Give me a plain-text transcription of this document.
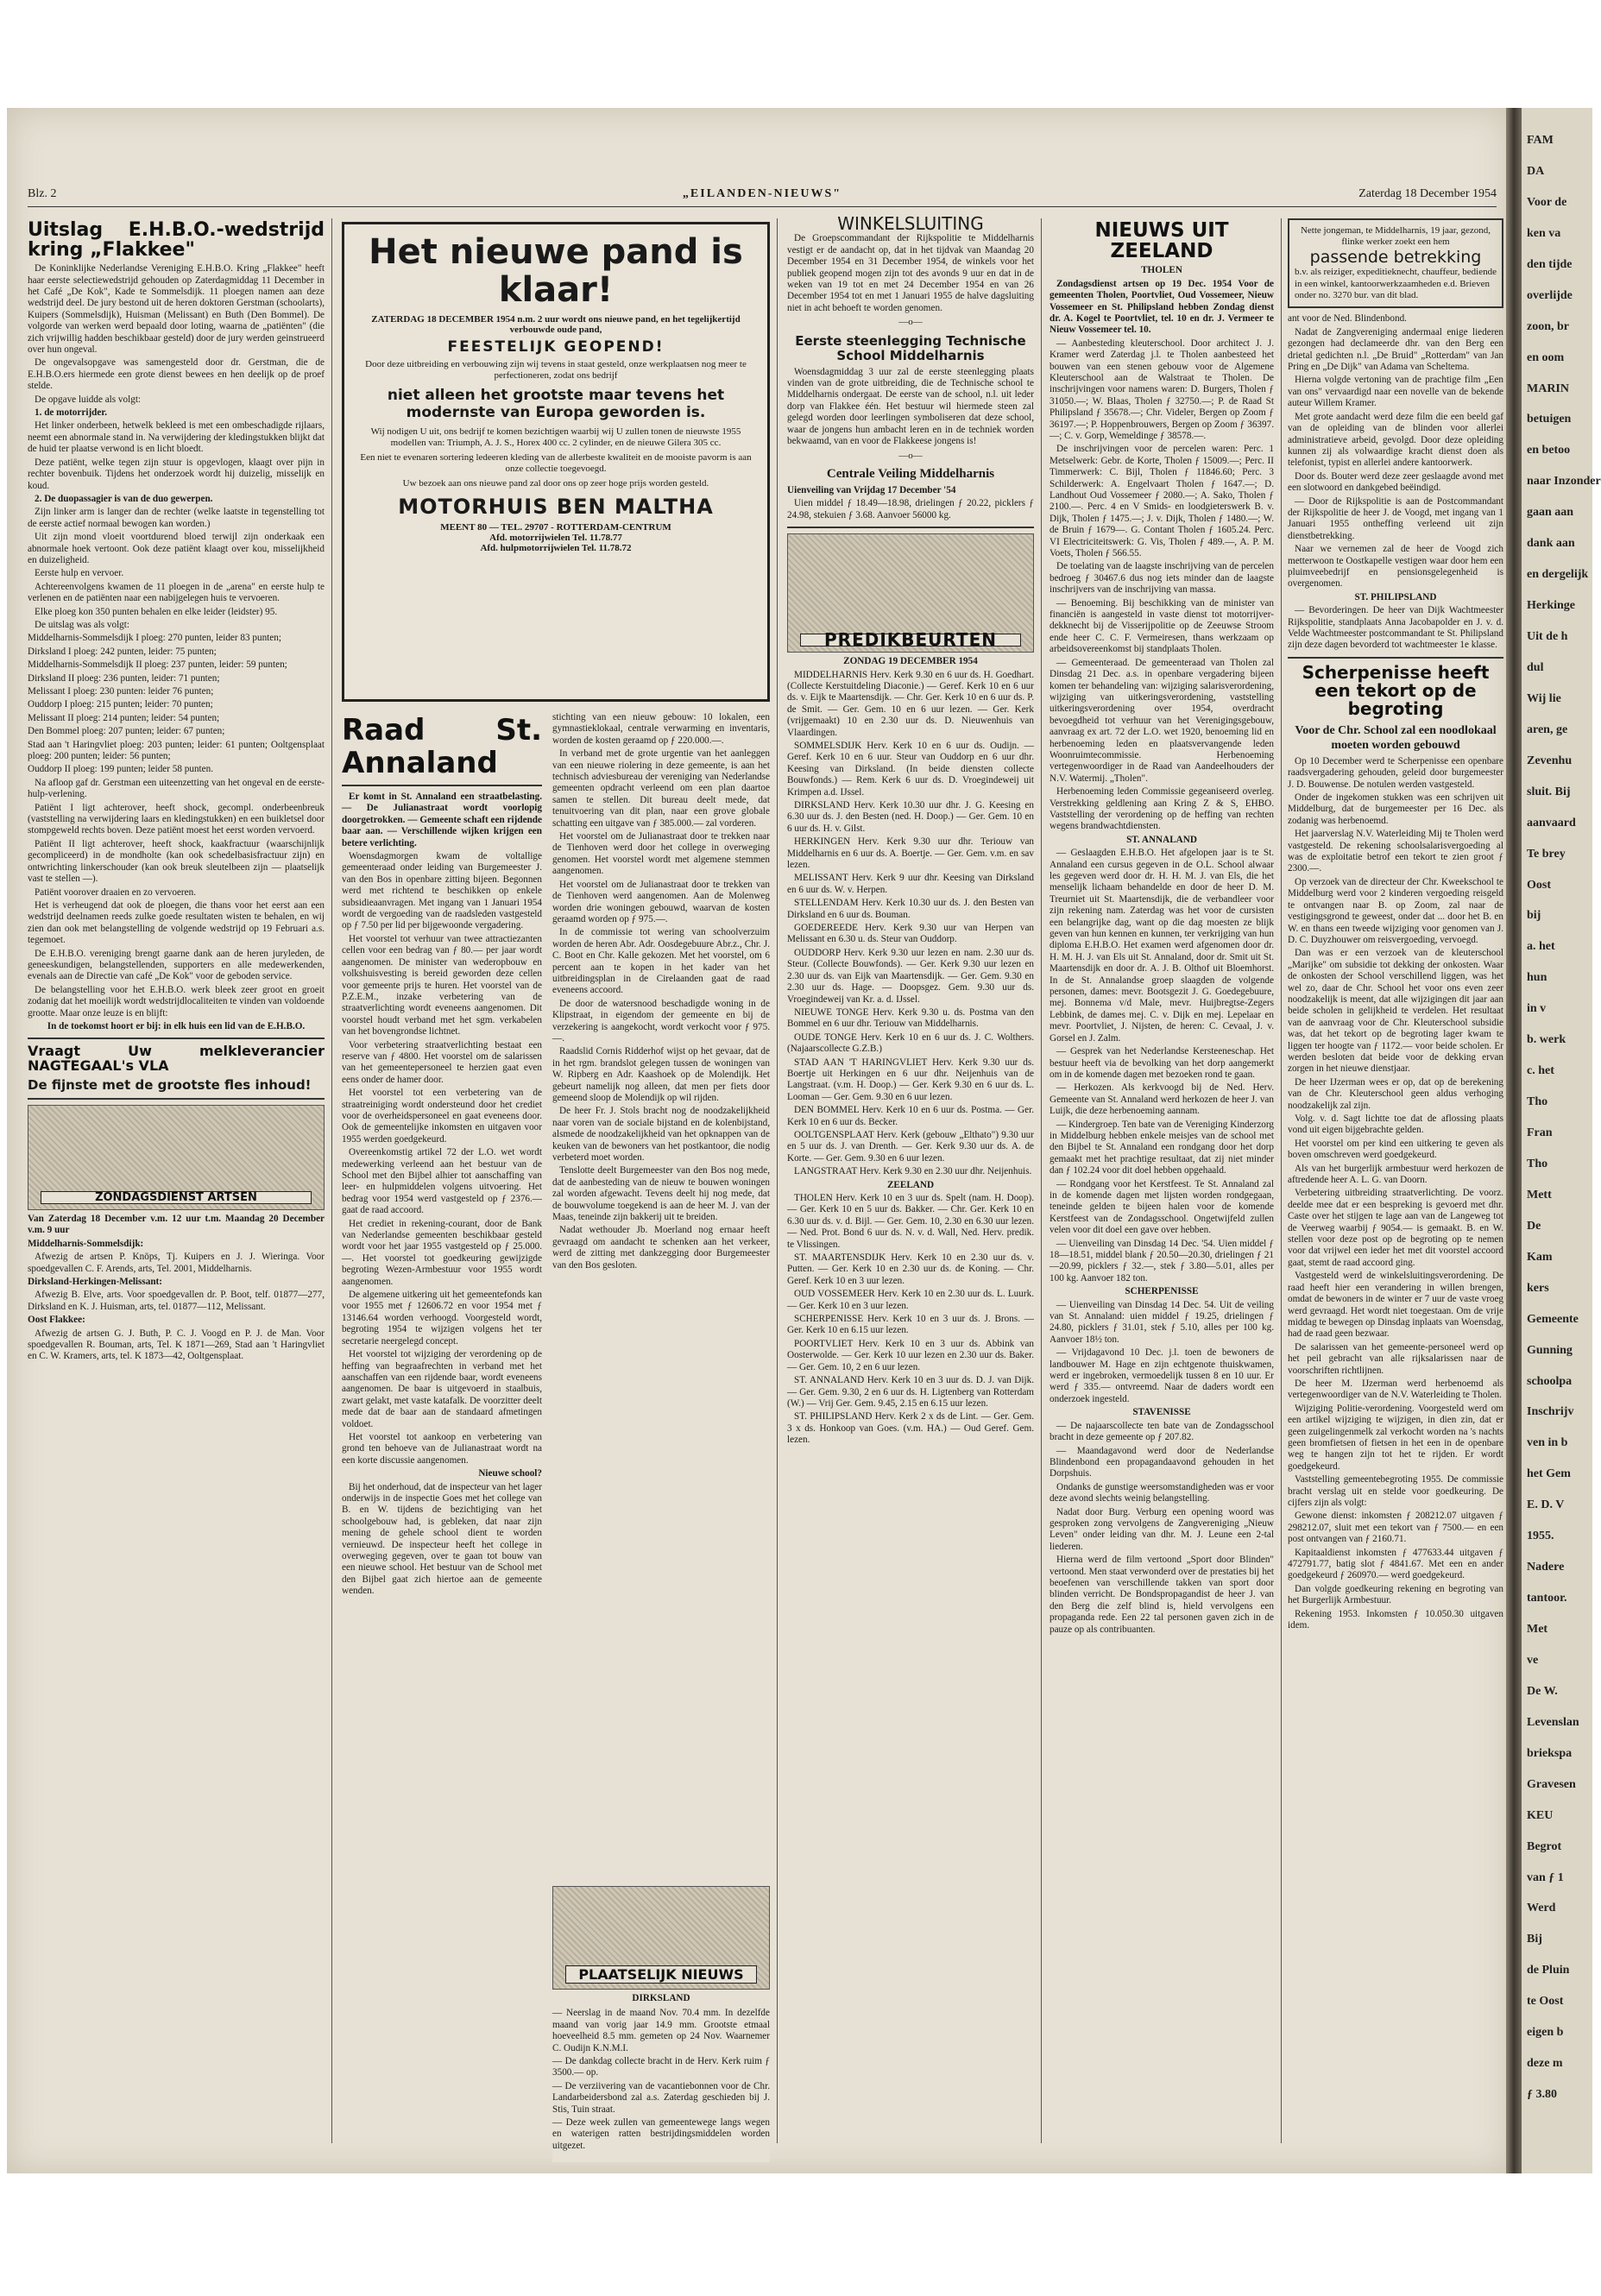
Blz. 2	„EILANDEN-NIEUWS"	Zaterdag 18 December 1954
Uitslag E.H.B.O.-wedstrijd kring „Flakkee"

De Koninklijke Nederlandse Vereniging E.H.B.O. Kring „Flakkee" heeft haar eerste selectiewedstrijd gehouden op Zaterdagmiddag 11 December in het Café „De Kok", Kade te Sommelsdijk. 11 ploegen namen aan deze wedstrijd deel. De jury bestond uit de heren doktoren Gerstman (schoolarts), Kuipers (Sommelsdijk), Huisman (Melissant) en Buth (Den Bommel). De volgorde van werken werd bepaald door loting, waarna de „patiënten" (die zich vrijwillig hadden beschikbaar gesteld) door de jury werden geinstrueerd over hun ongeval.

De ongevalsopgave was samengesteld door dr. Gerstman, die de E.H.B.O.ers hiermede een grote dienst bewees en hen deelijk op de proef stelde.

De opgave luidde als volgt:

1. de motorrijder.

Het linker onderbeen, hetwelk bekleed is met een ombeschadigde rijlaars, neemt een abnormale stand in. Na verwijdering der kledingstukken blijkt dat de huid ter plaatse verwond is en licht bloedt.

Deze patiënt, welke tegen zijn stuur is opgevlogen, klaagt over pijn in rechter bovenbuik. Tijdens het onderzoek wordt hij duizelig, misselijk en koud.

2. De duopassagier is van de duo gewerpen.

Zijn linker arm is langer dan de rechter (welke laatste in tegenstelling tot de eerste actief normaal bewogen kan worden.)

Uit zijn mond vloeit voortdurend bloed terwijl zijn onderkaak een abnormale hoek vertoont. Ook deze patiënt klaagt over kou, misselijkheid en duizeligheid.

Eerste hulp en vervoer.

Achtereenvolgens kwamen de 11 ploegen in de „arena" en eerste hulp te verlenen en de patiënten naar een nabijgelegen huis te vervoeren.

Elke ploeg kon 350 punten behalen en elke leider (leidster) 95.

De uitslag was als volgt:

Middelharnis-Sommelsdijk I ploeg: 270 punten, leider 83 punten;

Dirksland I ploeg: 242 punten, leider: 75 punten;

Middelharnis-Sommelsdijk II ploeg: 237 punten, leider: 59 punten;

Dirksland II ploeg: 236 punten, leider: 71 punten;

Melissant I ploeg: 230 punten: leider 76 punten;

Ouddorp I ploeg: 215 punten; leider: 70 punten;

Melissant II ploeg: 214 punten; leider: 54 punten;

Den Bommel ploeg: 207 punten; leider: 67 punten;

Stad aan 't Haringvliet ploeg: 203 punten; leider: 61 punten; Ooltgensplaat ploeg: 200 punten; leider: 56 punten;

Ouddorp II ploeg: 199 punten; leider 58 punten.

Na afloop gaf dr. Gerstman een uiteenzetting van het ongeval en de eerste-hulp-verlening.

Patiënt I ligt achterover, heeft shock, gecompl. onderbeenbreuk (vaststelling na verwijdering laars en kledingstukken) en een buikletsel door stompgeweld rechts boven. Deze patiënt moest het eerst worden vervoerd.

Patiënt II ligt achterover, heeft shock, kaakfractuur (waarschijnlijk gecompliceerd) in de mondholte (kan ook schedelbasisfractuur zijn) en ontwrichting linkerschouder (kan ook breuk sleutelbeen zijn — plaatselijk vast te stellen —).

Patiënt voorover draaien en zo vervoeren.

Het is verheugend dat ook de ploegen, die thans voor het eerst aan een wedstrijd deelnamen reeds zulke goede resultaten wisten te behalen, en wij zien dan ook met belangstelling de volgende wedstrijd op 19 Februari a.s. tegemoet.

De E.H.B.O. vereniging brengt gaarne dank aan de heren juryleden, de geneeskundigen, belangstellenden, supporters en alle medewerkenden, evenals aan de Directie van café „De Kok" voor de geboden service.

De belangstelling voor het E.H.B.O. werk bleek zeer groot en groeit zodanig dat het moeilijk wordt wedstrijdlocaliteiten te vinden van voldoende grootte. Maar onze leuze is en blijft:

In de toekomst hoort er bij: in elk huis een lid van de E.H.B.O.

Vraagt Uw melkleverancier NAGTEGAAL's VLA
De fijnste met de grootste fles inhoud!
ZONDAGSDIENST ARTSEN

Van Zaterdag 18 December v.m. 12 uur t.m. Maandag 20 December v.m. 9 uur

Middelharnis-Sommelsdijk:

Afwezig de artsen P. Knöps, Tj. Kuipers en J. J. Wieringa. Voor spoedgevallen C. F. Arends, arts, Tel. 2001, Middelharnis.

Dirksland-Herkingen-Melissant:

Afwezig B. Elve, arts. Voor spoedgevallen dr. P. Boot, telf. 01877—277, Dirksland en K. J. Huisman, arts, tel. 01877—112, Melissant.

Oost Flakkee:

Afwezig de artsen G. J. Buth, P. C. J. Voogd en P. J. de Man. Voor spoedgevallen R. Bouman, arts, Tel. K 1871—269, Stad aan 't Haringvliet en C. W. Kramers, arts, tel. K 1873—42, Ooltgensplaat.

Het nieuwe pand is klaar!
ZATERDAG 18 DECEMBER 1954 n.m. 2 uur wordt ons nieuwe pand, en het tegelijkertijd verbouwde oude pand,
FEESTELIJK GEOPEND!
Door deze uitbreiding en verbouwing zijn wij tevens in staat gesteld, onze werkplaatsen nog meer te perfectioneren, zodat ons bedrijf
niet alleen het grootste maar tevens het modernste van Europa geworden is.
Wij nodigen U uit, ons bedrijf te komen bezichtigen waarbij wij U zullen tonen de nieuwste 1955 modellen van: Triumph, A. J. S., Horex 400 cc. 2 cylinder, en de nieuwe Gilera 305 cc.
Een niet te evenaren sortering ledeeren kleding van de allerbeste kwaliteit en de mooiste pavorm is aan onze collectie toegevoegd.
Uw bezoek aan ons nieuwe pand zal door ons op zeer hoge prijs worden gesteld.
MOTORHUIS BEN MALTHA
MEENT 80 — TEL. 29707 - ROTTERDAM-CENTRUM
Afd. motorrijwielen Tel. 11.78.77
Afd. hulpmotorrijwielen Tel. 11.78.72
Raad St. Annaland

Er komt in St. Annaland een straatbelasting. — De Julianastraat wordt voorlopig doorgetrokken. — Gemeente schaft een rijdende baar aan. — Verschillende wijken krijgen een betere verlichting.

Woensdagmorgen kwam de voltallige gemeenteraad onder leiding van Burgemeester J. van den Bos in openbare zitting bijeen. Begonnen werd met richtend te beschikken op enkele subsidieaanvragen. Met ingang van 1 Januari 1954 wordt de vergoeding van de raadsleden vastgesteld op ƒ 7.50 per lid per bijgewoonde vergadering.

Het voorstel tot verhuur van twee attractiezanten cellen voor een bedrag van ƒ 80.— per jaar wordt aangenomen. De minister van wederopbouw en volkshuisvesting is bereid geworden deze cellen voor gemeente prijs te huren. Het voorstel van de P.Z.E.M., inzake verbetering van de straatverlichting wordt eveneens aangenomen. Dit voorstel houdt verband met het sgm. verkabelen van het bovengrondse lichtnet.

Voor verbetering straatverlichting bestaat een reserve van ƒ 4800. Het voorstel om de salarissen van het gemeentepersoneel te herzien gaat even eens onder de hamer door.

Het voorstel tot een verbetering van de straatreiniging wordt ondersteund door het crediet voor de overheidspersoneel en gaat eveneens door. Ook de gemeentelijke inkomsten en uitgaven voor 1955 werden goedgekeurd.

Overeenkomstig artikel 72 der L.O. wet wordt medewerking verleend aan het bestuur van de School met den Bijbel alhier tot aanschaffing van leer- en hulpmiddelen volgens uitvoering. Het bedrag voor 1954 werd vastgesteld op ƒ 2376.— gaat de raad accoord.

Het crediet in rekening-courant, door de Bank van Nederlandse gemeenten beschikbaar gesteld wordt voor het jaar 1955 vastgesteld op ƒ 25.000.—. Het voorstel tot goedkeuring gewijzigde begroting Wezen-Armbestuur voor 1955 wordt aangenomen.

De algemene uitkering uit het gemeentefonds kan voor 1955 met ƒ 12606.72 en voor 1954 met ƒ 13146.64 worden verhoogd. Voorgesteld wordt, begroting 1954 te wijzigen volgens het ter secretarie neergelegd concept.

Het voorstel tot wijziging der verordening op de heffing van begraafrechten in verband met het aanschaffen van een rijdende baar, wordt eveneens aangenomen. De baar is uitgevoerd in staalbuis, zwart gelakt, met vaste katafalk. De voorzitter deelt mede dat de baar aan de standaard afmetingen voldoet.

Het voorstel tot aankoop en verbetering van grond ten behoeve van de Julianastraat wordt na een korte discussie aangenomen.

Nieuwe school?

Bij het onderhoud, dat de inspecteur van het lager onderwijs in de inspectie Goes met het college van B. en W. tijdens de bezichtiging van het schoolgebouw had, is gebleken, dat naar zijn mening de gehele school dient te worden vernieuwd. De inspecteur heeft het college in overweging gegeven, over te gaan tot bouw van een nieuwe school. Het bestuur van de School met den Bijbel gaat zich hiertoe aan de gemeente wenden.

stichting van een nieuw gebouw: 10 lokalen, een gymnastieklokaal, centrale verwarming en inventaris, worden de kosten geraamd op ƒ 220.000.—.

In verband met de grote urgentie van het aanleggen van een nieuwe riolering in deze gemeente, is aan het technisch adviesbureau der vereniging van Nederlandse gemeenten opdracht verleend om een plan daartoe samen te stellen. Dit bureau deelt mede, dat tenuitvoering van dit plan, naar een grove globale schatting een uitgave van ƒ 385.000.— zal vorderen.

Het voorstel om de Julianastraat door te trekken naar de Tienhoven werd door het college in overweging genomen. Het voorstel wordt met algemene stemmen aangenomen.

Het voorstel om de Julianastraat door te trekken van de Tienhoven werd aangenomen. Aan de Molenweg worden drie woningen gebouwd, waarvan de kosten geraamd worden op ƒ 975.—.

In de commissie tot wering van schoolverzuim worden de heren Abr. Adr. Oosdegebuure Abr.z., Chr. J. C. Boot en Chr. Kalle gekozen. Met het voorstel, om 6 percent aan te kopen in het kader van het uitbreidingsplan in de Cirelaanden gaat de raad eveneens accoord.

De door de watersnood beschadigde woning in de Klipstraat, in eigendom der gemeente en bij de verzekering is aangekocht, wordt verkocht voor ƒ 975.—.

Raadslid Cornis Ridderhof wijst op het gevaar, dat de in het rgm. brandslot gelegen tussen de woningen van W. Ripberg en Adr. Kaashoek op de Molendijk. Het gebeurt namelijk nog alleen, dat men per fiets door gemeend sloop de Molendijk op wil rijden.

De heer Fr. J. Stols bracht nog de noodzakelijkheid naar voren van de sociale bijstand en de kolenbijstand, alsmede de noodzakelijkheid van het opknappen van de keuken van de bewoners van het postkantoor, die nodig verbeterd moet worden.

Tenslotte deelt Burgemeester van den Bos nog mede, dat de aanbesteding van de nieuw te bouwen woningen zal worden afgewacht. Tevens deelt hij nog mede, dat de bouwvolume toegekend is aan de heer M. J. van der Maas, teneinde zijn bakkerij uit te breiden.

Nadat wethouder Jb. Moerland nog ernaar heeft gevraagd om aandacht te schenken aan het verkeer, werd de zitting met dankzegging door Burgemeester van den Bos gesloten.

WINKELSLUITING

De Groepscommandant der Rijkspolitie te Middelharnis vestigt er de aandacht op, dat in het tijdvak van Maandag 20 December 1954 en 31 December 1954, de winkels voor het publiek geopend mogen zijn tot des avonds 9 uur en dat in de weken van 19 tot en met 24 December 1954 en van 26 December 1954 tot en met 1 Januari 1955 de halve dagsluiting niet in acht behoeft te worden genomen.

—o—
Eerste steenlegging Technische School Middelharnis

Woensdagmiddag 3 uur zal de eerste steenlegging plaats vinden van de grote uitbreiding, die de Technische school te Middelharnis ondergaat. De eerste van de school, n.l. uit leder dorp van Flakkee één. Het bestuur wil hiermede steen zal gelegd worden door leerlingen symboliseren dat deze school, waar de jongens hun ambacht leren en in de techniek worden bekwaamd, van en voor de Flakkeese jongens is!

—o—
Centrale Veiling Middelharnis

Uienveiling van Vrijdag 17 December '54

Uien middel ƒ 18.49—18.98, drielingen ƒ 20.22, picklers ƒ 24.98, stekuien ƒ 3.68. Aanvoer 56000 kg.

PREDIKBEURTEN

ZONDAG 19 DECEMBER 1954

MIDDELHARNIS Herv. Kerk 9.30 en 6 uur ds. H. Goedhart. (Collecte Kerstuitdeling Diaconie.) — Geref. Kerk 10 en 6 uur ds. v. Eijk te Maartensdijk. — Chr. Ger. Kerk 10 en 6 uur ds. P. de Smit. — Ger. Gem. 10 en 6 uur lezen. — Ger. Kerk (vrijgemaakt) 10 en 2.30 uur ds. D. Nieuwenhuis van Vlaardingen.

SOMMELSDIJK Herv. Kerk 10 en 6 uur ds. Oudijn. — Geref. Kerk 10 en 6 uur. Steur van Ouddorp en 6 uur dhr. Keesing van Dirksland. (In beide diensten collecte Bouwfonds.) — Rem. Kerk 6 uur ds. D. Vroegindeweij uit Krimpen a.d. IJssel.

DIRKSLAND Herv. Kerk 10.30 uur dhr. J. G. Keesing en 6.30 uur ds. J. den Besten (ned. H. Doop.) — Ger. Gem. 10 en 6 uur ds. H. v. Gilst.

HERKINGEN Herv. Kerk 9.30 uur dhr. Teriouw van Middelharnis en 6 uur ds. A. Boertje. — Ger. Gem. v.m. en sav lezen.

MELISSANT Herv. Kerk 9 uur dhr. Keesing van Dirksland en 6 uur ds. W. v. Herpen.

STELLENDAM Herv. Kerk 10.30 uur ds. J. den Besten van Dirksland en 6 uur ds. Bouman.

GOEDEREEDE Herv. Kerk 9.30 uur van Herpen van Melissant en 6.30 u. ds. Steur van Ouddorp.

OUDDORP Herv. Kerk 9.30 uur lezen en nam. 2.30 uur ds. Steur. (Collecte Bouwfonds). — Ger. Kerk 9.30 uur lezen en 2.30 uur ds. van Eijk van Maartensdijk. — Ger. Gem. 9.30 en 2.30 uur ds. Hage. — Doopsgez. Gem. 9.30 uur ds. Vroegindeweij van Kr. a. d. IJssel.

NIEUWE TONGE Herv. Kerk 9.30 u. ds. Postma van den Bommel en 6 uur dhr. Teriouw van Middelharnis.

OUDE TONGE Herv. Kerk 10 en 6 uur ds. J. C. Wolthers. (Najaarscollecte G.Z.B.)

STAD AAN 'T HARINGVLIET Herv. Kerk 9.30 uur ds. Boertje uit Herkingen en 6 uur dhr. Neijenhuis van de Langstraat. (v.m. H. Doop.) — Ger. Kerk 9.30 en 6 uur ds. L. Looman — Ger. Gem. 9.30 en 6 uur lezen.

DEN BOMMEL Herv. Kerk 10 en 6 uur ds. Postma. — Ger. Kerk 10 en 6 uur ds. Becker.

OOLTGENSPLAAT Herv. Kerk (gebouw „Elthato") 9.30 uur en 5 uur ds. J. van Drenth. — Ger. Kerk 9.30 uur ds. A. de Korte. — Ger. Gem. 9.30 en 6 uur lezen.

LANGSTRAAT Herv. Kerk 9.30 en 2.30 uur dhr. Neijenhuis.

ZEELAND

THOLEN Herv. Kerk 10 en 3 uur ds. Spelt (nam. H. Doop). — Ger. Kerk 10 en 5 uur ds. Bakker. — Chr. Ger. Kerk 10 en 6.30 uur ds. v. d. Bijl. — Ger. Gem. 10, 2.30 en 6.30 uur lezen. — Ned. Prot. Bond 6 uur ds. N. v. d. Wall, Ned. Herv. predik. te Vlissingen.

ST. MAARTENSDIJK Herv. Kerk 10 en 2.30 uur ds. v. Putten. — Ger. Kerk 10 en 2.30 uur ds. de Koning. — Chr. Geref. Kerk 10 en 3 uur lezen.

OUD VOSSEMEER Herv. Kerk 10 en 2.30 uur ds. L. Luurk. — Ger. Kerk 10 en 3 uur lezen.

SCHERPENISSE Herv. Kerk 10 en 3 uur ds. J. Brons. — Ger. Kerk 10 en 6.15 uur lezen.

POORTVLIET Herv. Kerk 10 en 3 uur ds. Abbink van Oosterwolde. — Ger. Kerk 10 uur lezen en 2.30 uur ds. Baker. — Ger. Gem. 10, 2 en 6 uur lezen.

ST. ANNALAND Herv. Kerk 10 en 3 uur ds. D. J. van Dijk. — Ger. Gem. 9.30, 2 en 6 uur ds. H. Ligtenberg van Rotterdam (W.) — Vrij Ger. Gem. 9.45, 2.15 en 6.15 uur lezen.

ST. PHILIPSLAND Herv. Kerk 2 x ds de Lint. — Ger. Gem. 3 x ds. Honkoop van Goes. (v.m. HA.) — Oud Geref. Gem. lezen.

PLAATSELIJK NIEUWS

DIRKSLAND

— Neerslag in de maand Nov. 70.4 mm. In dezelfde maand van vorig jaar 14.9 mm. Grootste etmaal hoeveelheid 8.5 mm. gemeten op 24 Nov. Waarnemer C. Oudijn K.N.M.I.

— De dankdag collecte bracht in de Herv. Kerk ruim ƒ 3500.— op.

— De verziivering van de vacantiebonnen voor de Chr. Landarbeidersbond zal a.s. Zaterdag geschieden bij J. Stis, Tuin straat.

— Deze week zullen van gemeentewege langs wegen en waterigen ratten bestrijdingsmiddelen worden uitgezet.

NIEUWS UIT ZEELAND

THOLEN

Zondagsdienst artsen op 19 Dec. 1954 Voor de gemeenten Tholen, Poortvliet, Oud Vossemeer, Nieuw Vossemeer en St. Philipsland hebben Zondag dienst dr. A. Kogel te Poortvliet, tel. 10 en dr. J. Vermeer te Nieuw Vossemeer tel. 10.

— Aanbesteding kleuterschool. Door architect J. J. Kramer werd Zaterdag j.l. te Tholen aanbesteed het bouwen van een stenen gebouw voor de Algemene Kleuterschool aan de Walstraat te Tholen. De inschrijvingen voor namens waren: D. Burgers, Tholen ƒ 31050.—; W. Blaas, Tholen ƒ 32750.—; P. de Raad St Philipsland ƒ 35678.—; Chr. Videler, Bergen op Zoom ƒ 36197.—; P. Hoppenbrouwers, Bergen op Zoom ƒ 36397.—; C. v. Gorp, Wemeldinge ƒ 38578.—.

De inschrijvingen voor de percelen waren: Perc. 1 Metselwerk: Gebr. de Korte, Tholen ƒ 15009.—; Perc. II Timmerwerk: C. Bijl, Tholen ƒ 11846.60; Perc. 3 Schilderwerk: A. Engelvaart Tholen ƒ 1647.—; D. Landhout Oud Vossemeer ƒ 2080.—; A. Sako, Tholen ƒ 2100.—. Perc. 4 en V Smids- en loodgieterswerk B. v. Dijk, Tholen ƒ 1475.—; J. v. Dijk, Tholen ƒ 1480.—; W. de Bruin ƒ 1679—. G. Contant Tholen ƒ 1605.24. Perc. VI Electriciteitswerk: G. Vis, Tholen ƒ 489.—, A. P. M. Voets, Tholen ƒ 566.55.

De toelating van de laagste inschrijving van de percelen bedroeg ƒ 30467.6 dus nog iets minder dan de laagste inschrijvers van de inschrijving van massa.

— Benoeming. Bij beschikking van de minister van financiën is aangesteld in vaste dienst tot motorrijver-dekknecht bij de Visserijpolitie op de Zeeuwse Stroom ende heer C. C. F. Vermeiresen, thans werkzaam op arbeidsovereenkomst bij standplaats Tholen.

— Gemeenteraad. De gemeenteraad van Tholen zal Dinsdag 21 Dec. a.s. in openbare vergadering bijeen komen ter behandeling van: wijziging salarisverordening, wijziging van uitkeringsverordening, vaststelling uitkeringsverordening over 1954, overdracht bevoegdheid tot verhuur van het Verenigingsgebouw, aanvraag ex art. 72 der L.O. wet 1920, benoeming lid en herbenoeming leden en plaatsvervangende leden Woonruimtecommissie. Herbenoeming vertegenwoordiger in de Raad van Aandeelhouders der N.V. Watermij. „Tholen".

Herbenoeming leden Commissie gegeaniseerd overleg. Verstrekking geldlening aan Kring Z & S, EHBO. Vaststelling der verordening op de heffing van rechten wegens brandwachtdiensten.

ST. ANNALAND

— Geslaagden E.H.B.O. Het afgelopen jaar is te St. Annaland een cursus gegeven in de O.L. School alwaar les gegeven werd door dr. H. H. M. J. van Els, die het menselijk lichaam behandelde en door de heer D. M. Treurniet uit St. Maartensdijk, die de verbandleer voor zijn rekening nam. Zaterdag was het voor de cursisten een belangrijke dag, want op die dag moesten ze blijk geven van hun kennen en kunnen, ter verkrijging van hun diploma E.H.B.O. Het examen werd afgenomen door dr. H. M. H. J. van Els uit St. Annaland, door dr. Smit uit St. Maartensdijk en door dr. A. J. B. Olthof uit Bloemhorst. In de St. Annalandse groep slaagden de volgende personen, dames: mevr. Bootsgezit J. G. Goedegebuure, mej. Bonnema v/d Male, mevr. Huijbregtse-Zegers Lebbink, de dames mej. C. v. Dijk en mej. Lepelaar en mevr. Poortvliet, J. Nijsten, de heren: C. Cevaal, J. v. Gorsel en J. Zalm.

— Gesprek van het Nederlandse Kersteeneschap. Het bestuur heeft via de bevolking van het dorp aangemerkt om in de komende dagen met bezoeken rond te gaan.

— Herkozen. Als kerkvoogd bij de Ned. Herv. Gemeente van St. Annaland werd herkozen de heer J. van Luijk, die deze herbenoeming aannam.

— Kindergroep. Ten bate van de Vereniging Kinderzorg in Middelburg hebben enkele meisjes van de school met den Bijbel te St. Annaland een rondgang door het dorp gemaakt met het prachtige resultaat, dat zij niet minder dan ƒ 102.24 voor dit doel hebben opgehaald.

— Rondgang voor het Kerstfeest. Te St. Annaland zal in de komende dagen met lijsten worden rondgegaan, teneinde gelden te bijeen halen voor de komende Kerstfeest van de Zondagsschool. Ongetwijfeld zullen velen voor dit doel een gave over hebben.

— Uienveiling van Dinsdag 14 Dec. '54. Uien middel ƒ 18—18.51, middel blank ƒ 20.50—20.30, drielingen ƒ 21—20.99, picklers ƒ 32.—, stek ƒ 3.80—5.01, alles per 100 kg. Aanvoer 182 ton.

SCHERPENISSE

— Uienveiling van Dinsdag 14 Dec. 54. Uit de veiling van St. Annaland: uien middel ƒ 19.25, drielingen ƒ 24.80, picklers ƒ 31.01, stek ƒ 5.10, alles per 100 kg. Aanvoer 18½ ton.

— Vrijdagavond 10 Dec. j.l. toen de bewoners de landbouwer M. Hage en zijn echtgenote thuiskwamen, werd er ingebroken, vermoedelijk tussen 8 en 10 uur. Er werd ƒ 335.— ontvreemd. Naar de daders wordt een onderzoek ingesteld.

STAVENISSE

— De najaarscollecte ten bate van de Zondagsschool bracht in deze gemeente op ƒ 207.82.

— Maandagavond werd door de Nederlandse Blindenbond een propagandaavond gehouden in het Dorpshuis.

Ondanks de gunstige weersomstandigheden was er voor deze avond slechts weinig belangstelling.

Nadat door Burg. Verburg een opening woord was gesproken zong vervolgens de Zangvereniging „Nieuw Leven" onder leiding van dhr. M. J. Leune een 2-tal liederen.

Hierna werd de film vertoond „Sport door Blinden" vertoond. Men staat verwonderd over de prestaties bij het beoefenen van verschillende takken van sport door blinden verricht. De Bondspropagandist de heer J. van den Berg die zelf blind is, hield vervolgens een propaganda rede. Een 22 tal personen gaven zich in de pauze op als contribuanten.

Nette jongeman, te Middelharnis, 19 jaar, gezond, flinke werker zoekt een hem
passende betrekking
b.v. als reiziger, expeditieknecht, chauffeur, bediende in een winkel, kantoorwerkzaamheden e.d. Brieven onder no. 3270 bur. van dit blad.

ant voor de Ned. Blindenbond.

Nadat de Zangvereniging andermaal enige liederen gezongen had declameerde dhr. van den Berg een drietal gedichten n.l. „De Bruid" „Rotterdam" van Jan Pring en „De Dijk" van Adama van Scheltema.

Hierna volgde vertoning van de prachtige film „Een van ons" vervaardigd naar een novelle van de bekende auteur Willem Kramer.

Met grote aandacht werd deze film die een beeld gaf van de opleiding van de blinden voor allerlei administratieve arbeid, gevolgd. Door deze opleiding kunnen zij als volwaardige kracht dienst doen als telefonist, typist en allerlei andere kantoorwerk.

Door ds. Bouter werd deze zeer geslaagde avond met een slotwoord en dankgebed beëindigd.

— Door de Rijkspolitie is aan de Postcommandant der Rijkspolitie de heer J. de Voogd, met ingang van 1 Januari 1955 ontheffing verleend uit zijn dienstbetrekking.

Naar we vernemen zal de heer de Voogd zich metterwoon te Oostkapelle vestigen waar door hem een pluimveebedrijf en pensionsgelegenheid is overgenomen.

ST. PHILIPSLAND

— Bevorderingen. De heer van Dijk Wachtmeester Rijkspolitie, standplaats Anna Jacobapolder en J. v. d. Velde Wachtmeester postcommandant te St. Philipsland zijn deze dagen bevorderd tot wachtmeester 1e klasse.

Scherpenisse heeft een tekort op de begroting
Voor de Chr. School zal een noodlokaal moeten worden gebouwd

Op 10 December werd te Scherpenisse een openbare raadsvergadering gehouden, geleid door burgemeester J. D. Bouwense. De notulen werden vastgesteld.

Onder de ingekomen stukken was een schrijven uit Middelburg, dat de burgemeester per 16 Dec. als zodanig was herbenoemd.

Het jaarverslag N.V. Waterleiding Mij te Tholen werd vastgesteld. De rekening schoolsalarisvergoeding al was de exploitatie betrof een tekort te zien groot ƒ 2300.—.

Op verzoek van de directeur der Chr. Kweekschool te Middelburg werd voor 2 kinderen vergoeding reisgeld te ontvangen naar B. op Zoom, zal naar de vestigingsgrond te geweest, onder dat ... door het B. en W. en thans een tweede wijziging voor genomen van J. D. C. Duyzhouwer om reisvergoeding, vervoegd.

Dan was er een verzoek van de kleuterschool „Marijke" om subsidie tot dekking der onkosten. Waar de onkosten der School verschillend liggen, was het wel zo, daar de Chr. School het voor ons even zeer noodzakelijk is meent, dat alle wijzigingen dit jaar aan beide scholen in gelijkheid te verdelen. Het resultaat van de aanvraag voor de Chr. Kleuterschool subsidie was, dat het tekort op de begroting lager kwam te liggen ter hoogte van ƒ 1172.— voor beide scholen. Er werden besloten dat beide voor de dekking ervan zorgen in het nieuwe dienstjaar.

De heer IJzerman wees er op, dat op de berekening van de Chr. Kleuterschool geen aldus verhoging noodzakelijk zal zijn.

Volg. v. d. Sagt lichtte toe dat de aflossing plaats vond uit eigen bijgebrachte gelden.

Het voorstel om per kind een uitkering te geven als boven omschreven werd goedgekeurd.

Als van het burgerlijk armbestuur werd herkozen de aftredende heer A. L. G. van Doorn.

Verbetering uitbreiding straatverlichting. De voorz. deelde mee dat er een bespreking is gevoerd met dhr. Caste over het stijgen te lage aan van de Langeweg tot de Veerweg waarbij ƒ 9054.— is gemaakt. B. en W. stellen voor deze post op de begroting op te nemen voor dat vrijwel een ieder het met dit voorstel accoord gaat, stemt de raad accoord ging.

Vastgesteld werd de winkelsluitingsverordening. De raad heeft hier een verandering in willen brengen, omdat de bewoners in de winter er 7 uur de vaste vroeg werd gevraagd. Het wordt niet toegestaan. Om de vrije middag te bewegen op Dinsdag inplaats van Woensdag, had de raad geen bezwaar.

De salarissen van het gemeente-personeel werd op het peil gebracht van alle rijksalarissen naar de voorschriften richtlijnen.

De heer M. IJzerman werd herbenoemd als vertegenwoordiger van de N.V. Waterleiding te Tholen.

Wijziging Politie-verordening. Voorgesteld werd om een artikel wijziging te wijzigen, in dien zin, dat er geen zuigelingenmelk zal verkocht worden na 's nachts geen bromfietsen of fietsen in het een in de openbare weg te hangen zijn tot het te rijden. Er wordt goedgekeurd.

Vaststelling gemeentebegroting 1955. De commissie bracht verslag uit en stelde voor goedkeuring. De cijfers zijn als volgt:

Gewone dienst: inkomsten ƒ 208212.07 uitgaven ƒ 298212.07, sluit met een tekort van ƒ 7500.— en een post ontvangen van ƒ 2160.71.

Kapitaaldienst inkomsten ƒ 477633.44 uitgaven ƒ 472791.77, batig slot ƒ 4841.67. Met een en ander goedgekeurd ƒ 260970.— werd goedgekeurd.

Dan volgde goedkeuring rekening en begroting van het Burgerlijk Armbestuur.

Rekening 1953. Inkomsten ƒ 10.050.30 uitgaven idem.

FAM
DA
Voor de
ken va
den tijde
overlijde
zoon, br
en oom
MARIN
betuigen
en betoo
naar Inzonder
gaan aan
dank aan
en dergelijk
Herkinge
Uit de h
dul
Wij lie
aren, ge
Zevenhu
sluit. Bij
aanvaard
Te brey
Oost
bij
a. het
hun
in v
b. werk
c. het
Tho
Fran
Tho
Mett
De
Kam
kers
Gemeente
Gunning
schoolpa
Inschrijv
ven in b
het Gem
E. D. V
1955.
Nadere
tantoor.
Met
ve
De W.
Levenslan
briekspa
Gravesen
KEU
Begrot
van ƒ 1
Werd
Bij
de Pluin
te Oost
eigen b
deze m
ƒ 3.80
